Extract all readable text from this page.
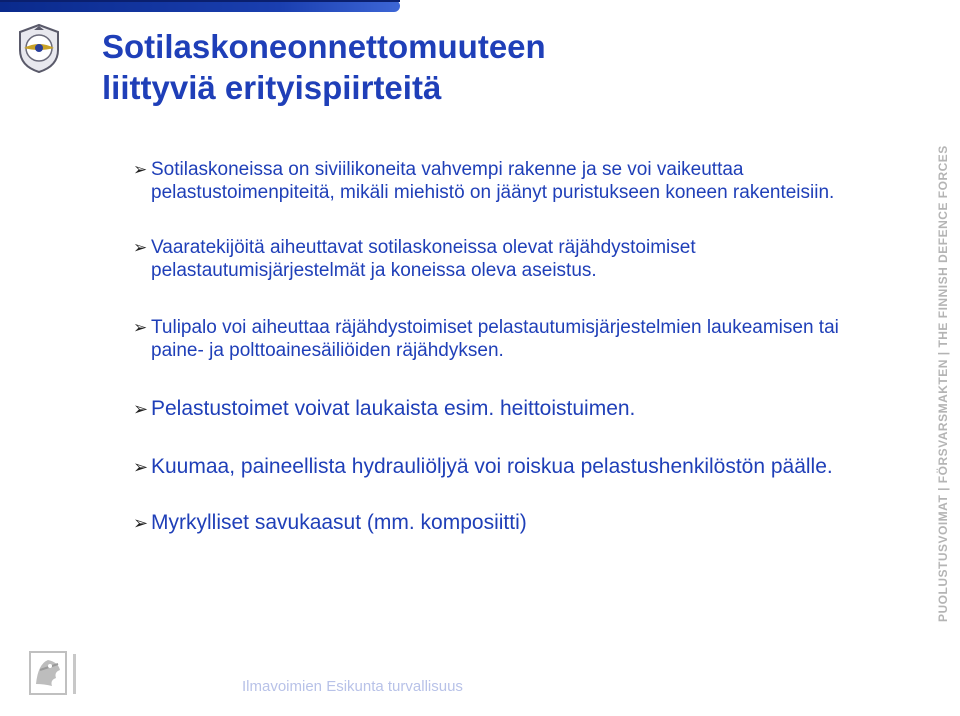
Sotilaskoneonnettomuuteen
liittyviä erityispiirteitä
➢ Sotilaskoneissa on siviilikoneita vahvempi rakenne ja se voi vaikeuttaa pelastustoimenpiteitä, mikäli miehistö on jäänyt puristukseen koneen rakenteisiin.
➢ Vaaratekijöitä aiheuttavat sotilaskoneissa olevat räjähdystoimiset pelastautumisjärjestelmät ja koneissa oleva aseistus.
➢ Tulipalo voi aiheuttaa räjähdystoimiset pelastautumisjärjestelmien laukeamisen tai paine- ja polttoainesäiliöiden räjähdyksen.
➢ Pelastustoimet voivat laukaista esim. heittoistuimen.
➢ Kuumaa, paineellista hydrauliöljyä voi roiskua pelastushenkilöstön päälle.
➢ Myrkylliset savukaasut (mm. komposiitti)	PUOLUSTUSVOIMAT | FÖRSVARSMAKTEN | THE FINNISH DEFENCE FORCES
Ilmavoimien Esikunta turvallisuus
